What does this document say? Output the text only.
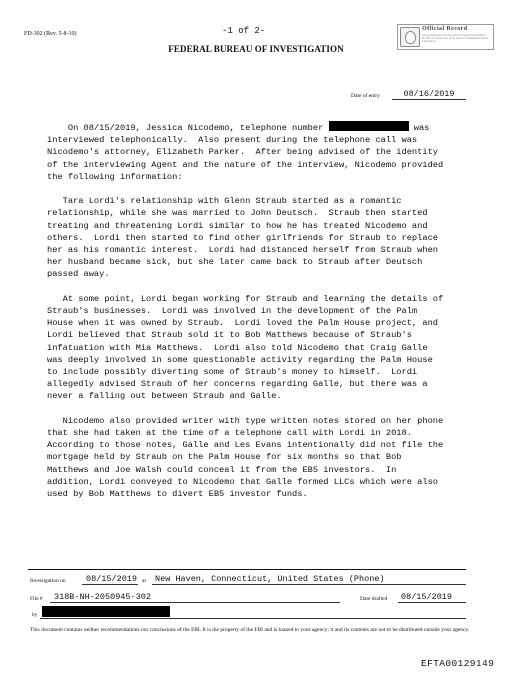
FD-302 (Rev. 5-8-10)	-1 of 2-
FEDERAL BUREAU OF INVESTIGATION
Official Record
This document has been electronically signed and certified by the FBI; its contents may not be altered or disseminated without authorization.
Date of entry	08/16/2019

On 08/15/2019, Jessica Nicodemo, telephone number	was
interviewed telephonically.  Also present during the telephone call was
Nicodemo's attorney, Elizabeth Parker.  After being advised of the identity
of the interviewing Agent and the nature of the interview, Nicodemo provided
the following information:

Tara Lordi's relationship with Glenn Straub started as a romantic
relationship, while she was married to John Deutsch.  Straub then started
treating and threatening Lordi similar to how he has treated Nicodemo and
others.  Lordi then started to find other girlfriends for Straub to replace
her as his romantic interest.  Lordi had distanced herself from Straub when
her husband became sick, but she later came back to Straub after Deutsch
passed away.

At some point, Lordi began working for Straub and learning the details of
Straub's businesses.  Lordi was involved in the development of the Palm
House when it was owned by Straub.  Lordi loved the Palm House project, and
Lordi believed that Straub sold it to Bob Matthews because of Straub's
infatuation with Mia Matthews.  Lordi also told Nicodemo that Craig Galle
was deeply involved in some questionable activity regarding the Palm House
to include possibly diverting some of Straub's money to himself.  Lordi
allegedly advised Straub of her concerns regarding Galle, but there was a
never a falling out between Straub and Galle.

Nicodemo also provided writer with type written notes stored on her phone
that she had taken at the time of a telephone call with Lordi in 2018.
According to those notes, Galle and Les Evans intentionally did not file the
mortgage held by Straub on the Palm House for six months so that Bob
Matthews and Joe Walsh could conceal it from the EB5 investors.  In
addition, Lordi conveyed to Nicodemo that Galle formed LLCs which were also
used by Bob Matthews to divert EB5 investor funds.

Investigation on 08/15/2019 at New Haven, Connecticut, United States (Phone)
File # 318B-NH-2050945-302	Date drafted 08/15/2019
by
This document contains neither recommendations nor conclusions of the FBI. It is the property of the FBI and is loaned to your agency; it and its contents are not to be distributed outside your agency.
EFTA00129149
